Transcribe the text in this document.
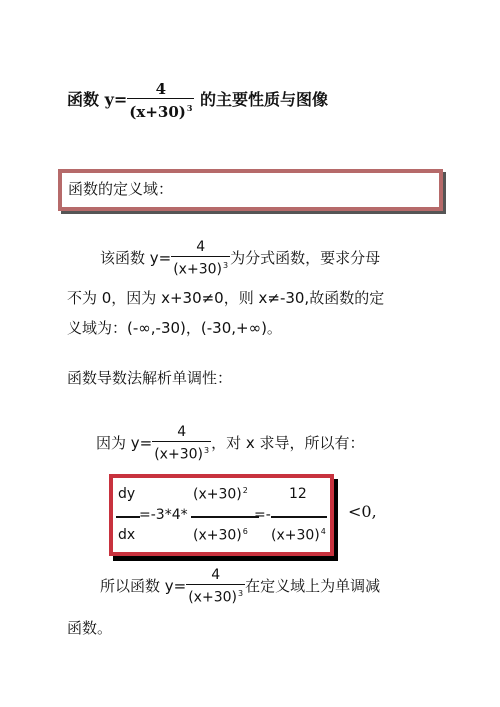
函数 $y= \frac{4}{(x+30)^3}$ 的主要性质与图像
函数的定义域：
该函数 $y= \frac{4}{(x+30)^3}$ 为分式函数，要求分母
不为 0，因为 x+30≠0，则 x≠-30,故函数的定
义域为：(-∞,-30)，(-30,+∞)。
函数导数法解析单调性：
因为 $y= \frac{4}{(x+30)^3}$ ，对 x 求导，所以有：
dy
dx
=-3*4*
$(x+30)^2$
$(x+30)^6$
=-
12
$(x+30)^4$
<0,
所以函数 $y= \frac{4}{(x+30)^3}$ 在定义域上为单调减
函数。
